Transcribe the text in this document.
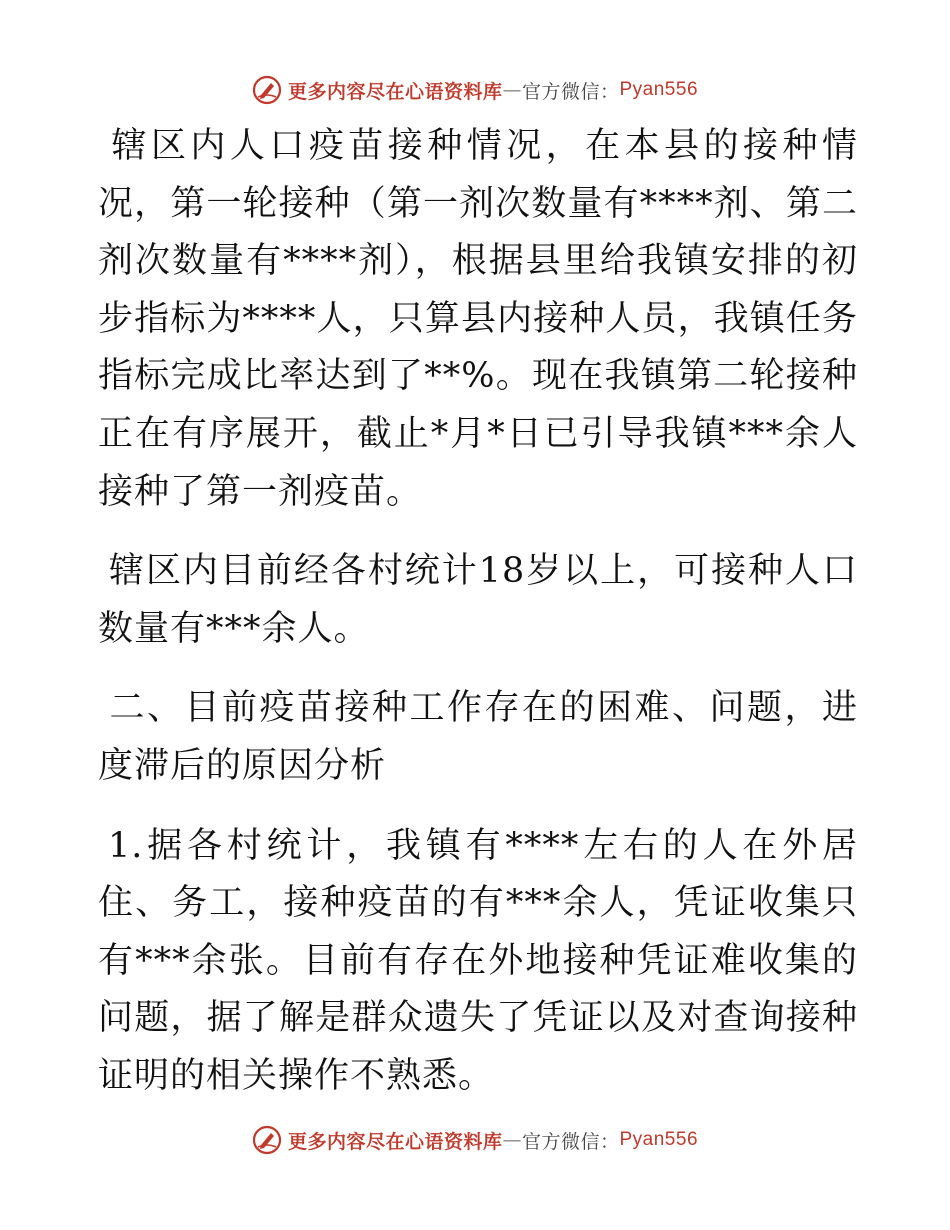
更多内容尽在心语资料库 — 官方微信： Pyan556

辖区内人口疫苗接种情况，在本县的接种情况，第一轮接种（第一剂次数量有****剂、第二剂次数量有****剂），根据县里给我镇安排的初步指标为****人，只算县内接种人员，我镇任务指标完成比率达到了**%。现在我镇第二轮接种正在有序展开，截止*月*日已引导我镇***余人接种了第一剂疫苗。

辖区内目前经各村统计18岁以上，可接种人口数量有***余人。

二、目前疫苗接种工作存在的困难、问题，进度滞后的原因分析

1.据各村统计，我镇有****左右的人在外居住、务工，接种疫苗的有***余人，凭证收集只有***余张。目前有存在外地接种凭证难收集的问题，据了解是群众遗失了凭证以及对查询接种证明的相关操作不熟悉。

更多内容尽在心语资料库 — 官方微信： Pyan556
